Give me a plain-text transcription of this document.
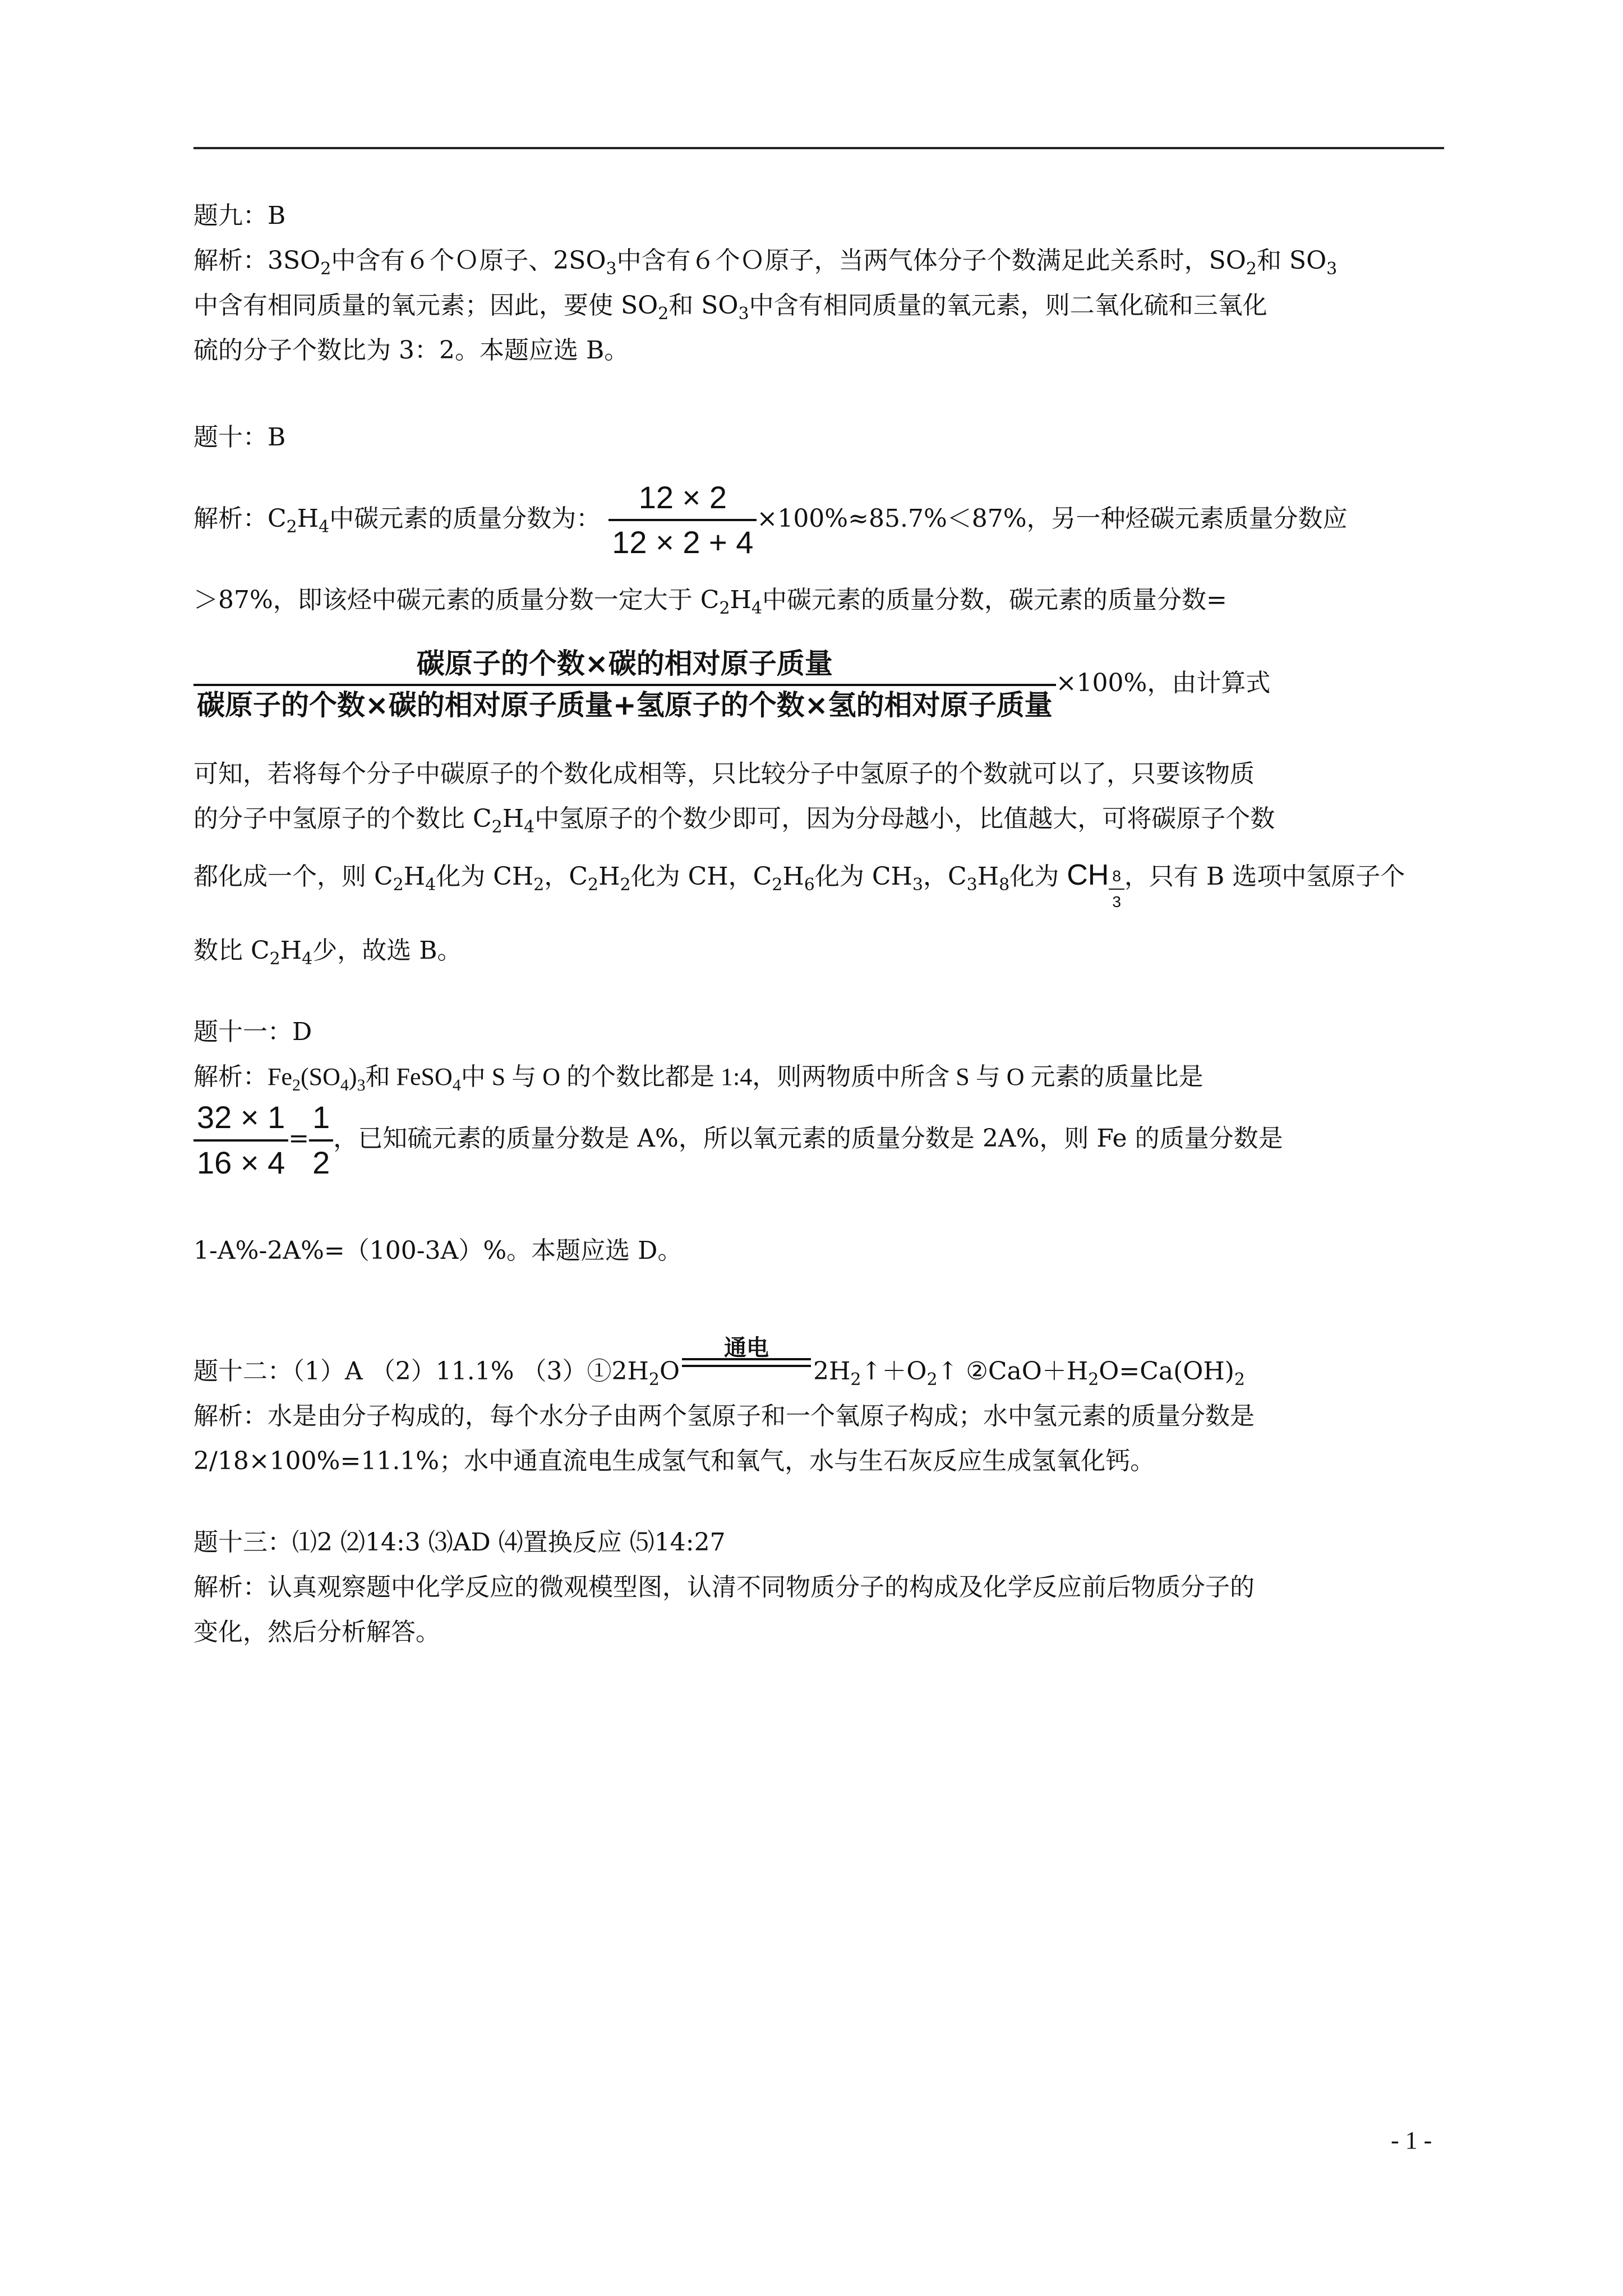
题九：B
解析：$3SO_2$中含有６个Ｏ原子、$2SO_3$中含有６个Ｏ原子，当两气体分子个数满足此关系时，$SO_2$和 $SO_3$
中含有相同质量的氧元素；因此，要使 $SO_2$和 $SO_3$中含有相同质量的氧元素，则二氧化硫和三氧化
硫的分子个数比为 3：2。本题应选 B。
题十：B
解析：$C_2H_4$中碳元素的质量分数为： $\frac{12 \times 2}{12 \times 2 + 4} \times 100\%\approx 85.7\%<87\%$，另一种烃碳元素质量分数应
＞87%，即该烃中碳元素的质量分数一定大于 $C_2H_4$中碳元素的质量分数，碳元素的质量分数=
$\frac{\text{碳原子的个数×碳的相对原子质量}}{\text{碳原子的个数×碳的相对原子质量+氢原子的个数×氢的相对原子质量}} \times 100\%$，由计算式
可知，若将每个分子中碳原子的个数化成相等，只比较分子中氢原子的个数就可以了，只要该物质
的分子中氢原子的个数比 $C_2H_4$中氢原子的个数少即可，因为分母越小，比值越大，可将碳原子个数
都化成一个，则 $C_2H_4$化为 $CH_2$，$C_2H_2$化为 CH，$C_2H_6$化为 $CH_3$，$C_3H_8$化为 CH $\frac{8}{3}$ ，只有 B 选项中氢原子个
数比 $C_2H_4$少，故选 B。
题十一：D
解析：$Fe_2(SO_4)_3$和 FeSO$_4$中 S 与 O 的个数比都是 1:4，则两物质中所含 S 与 O 元素的质量比是
$\frac{32 \times 1}{16 \times 4} = \frac{1}{2}$ ，已知硫元素的质量分数是 A%，所以氧元素的质量分数是 2A%，则 Fe 的质量分数是
1-A%-2A%=（100-3A）%。本题应选 D。
题十二：（1）A （2）11.1% $(3)①2H_2O$
通电
$2H_2↑+O_2↑$ $②CaO+H_2O=Ca(OH)_2$
解析：水是由分子构成的，每个水分子由两个氢原子和一个氧原子构成；水中氢元素的质量分数是
2/18×100%=11.1%；水中通直流电生成氢气和氧气，水与生石灰反应生成氢氧化钙。
题十三：⑴2 ⑵14:3 ⑶AD ⑷置换反应 ⑸14:27
解析：认真观察题中化学反应的微观模型图，认清不同物质分子的构成及化学反应前后物质分子的
变化，然后分析解答。
- 1 -
